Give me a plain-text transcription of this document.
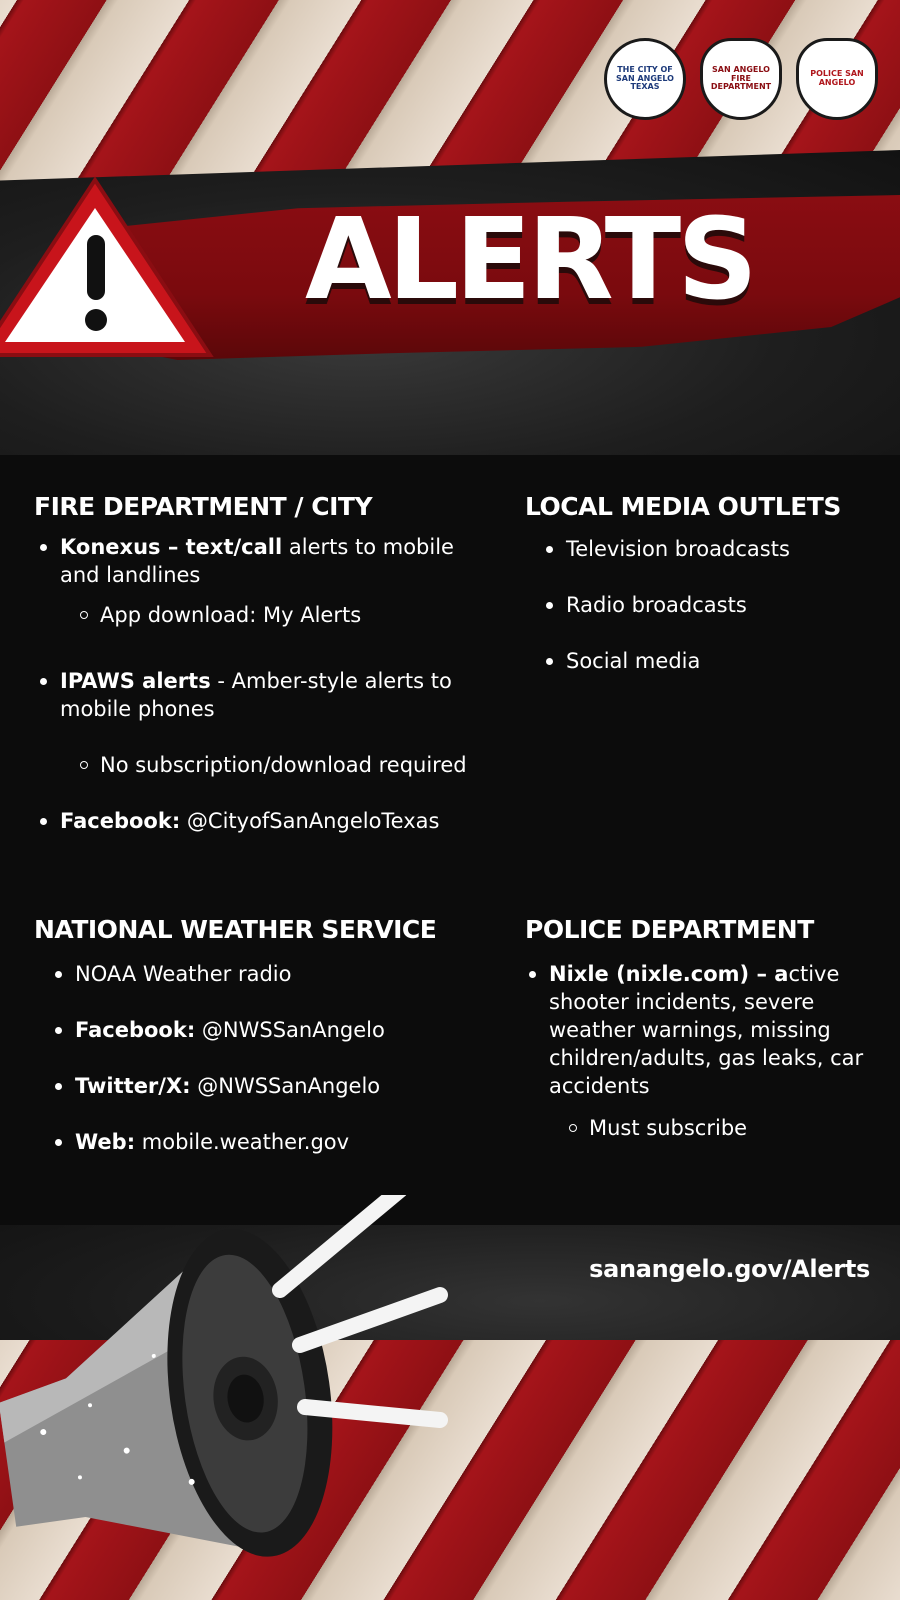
THE CITY OF SAN ANGELO TEXAS
SAN ANGELO FIRE DEPARTMENT
POLICE SAN ANGELO
ALERTS
FIRE DEPARTMENT / CITY
Konexus – text/call alerts to mobile and landlines
App download: My Alerts
IPAWS alerts - Amber-style alerts to mobile phones
No subscription/download required
Facebook: @CityofSanAngeloTexas
LOCAL MEDIA OUTLETS
Television broadcasts
Radio broadcasts
Social media
NATIONAL WEATHER SERVICE
NOAA Weather radio
Facebook: @NWSSanAngelo
Twitter/X: @NWSSanAngelo
Web: mobile.weather.gov
POLICE DEPARTMENT
Nixle (nixle.com) – active shooter incidents, severe weather warnings, missing children/adults, gas leaks, car accidents
Must subscribe
sanangelo.gov/Alerts
